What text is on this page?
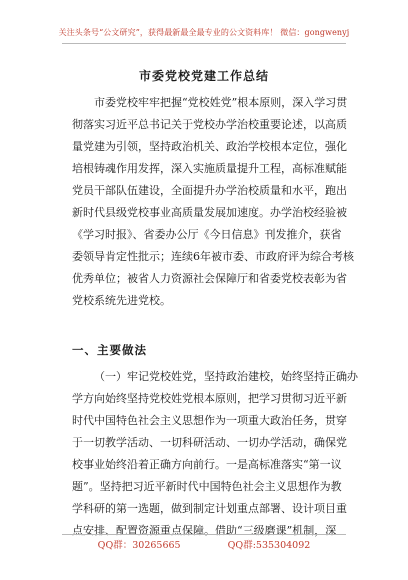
关注头条号“公文研究”，获得最新最全最专业的公文资料库！ 微信：gongwenyj
市委党校党建工作总结
市委党校牢牢把握“党校姓党”根本原则，深入学习贯
彻落实习近平总书记关于党校办学治校重要论述，以高质
量党建为引领，坚持政治机关、政治学校根本定位，强化
培根铸魂作用发挥，深入实施质量提升工程，高标准赋能
党员干部队伍建设，全面提升办学治校质量和水平，跑出
新时代县级党校事业高质量发展加速度。办学治校经验被
《学习时报》、省委办公厅《今日信息》刊发推介，获省
委领导肯定性批示；连续6年被市委、市政府评为综合考核
优秀单位；被省人力资源社会保障厅和省委党校表彰为省
党校系统先进党校。
一、主要做法
（一）牢记党校姓党，坚持政治建校，始终坚持正确办
学方向始终坚持党校姓党根本原则，把学习贯彻习近平新
时代中国特色社会主义思想作为一项重大政治任务，贯穿
于一切教学活动、一切科研活动、一切办学活动，确保党
校事业始终沿着正确方向前行。一是高标准落实“第一议
题”。坚持把习近平新时代中国特色社会主义思想作为教
学科研的第一选题，做到制定计划重点部署、设计项目重
点安排、配置资源重点保障。借助“三级磨课”机制，深
QQ群：30265665	QQ群:535304092
